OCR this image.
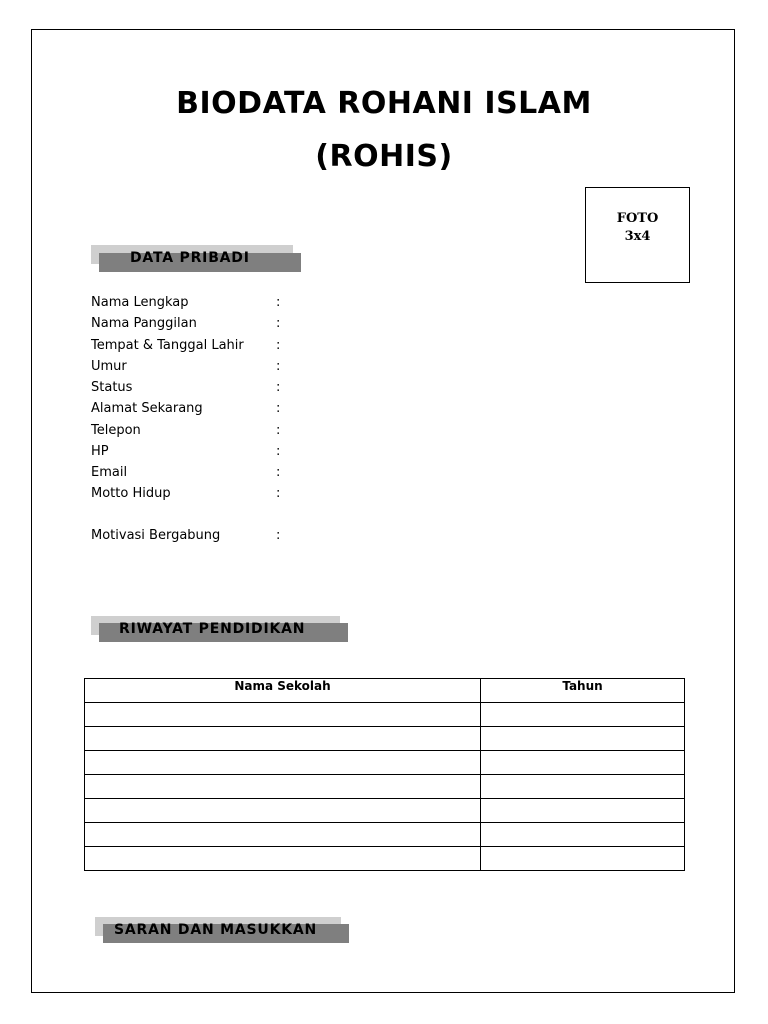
BIODATA ROHANI ISLAM
(ROHIS)
FOTO
3x4
DATA PRIBADI
Nama Lengkap	:
Nama Panggilan	:
Tempat & Tanggal Lahir :
Umur	:
Status	:
Alamat Sekarang	:
Telepon	:
HP	:
Email	:
Motto Hidup	:
Motivasi Bergabung	:
RIWAYAT PENDIDIKAN
Nama Sekolah	Tahun

SARAN DAN MASUKKAN
